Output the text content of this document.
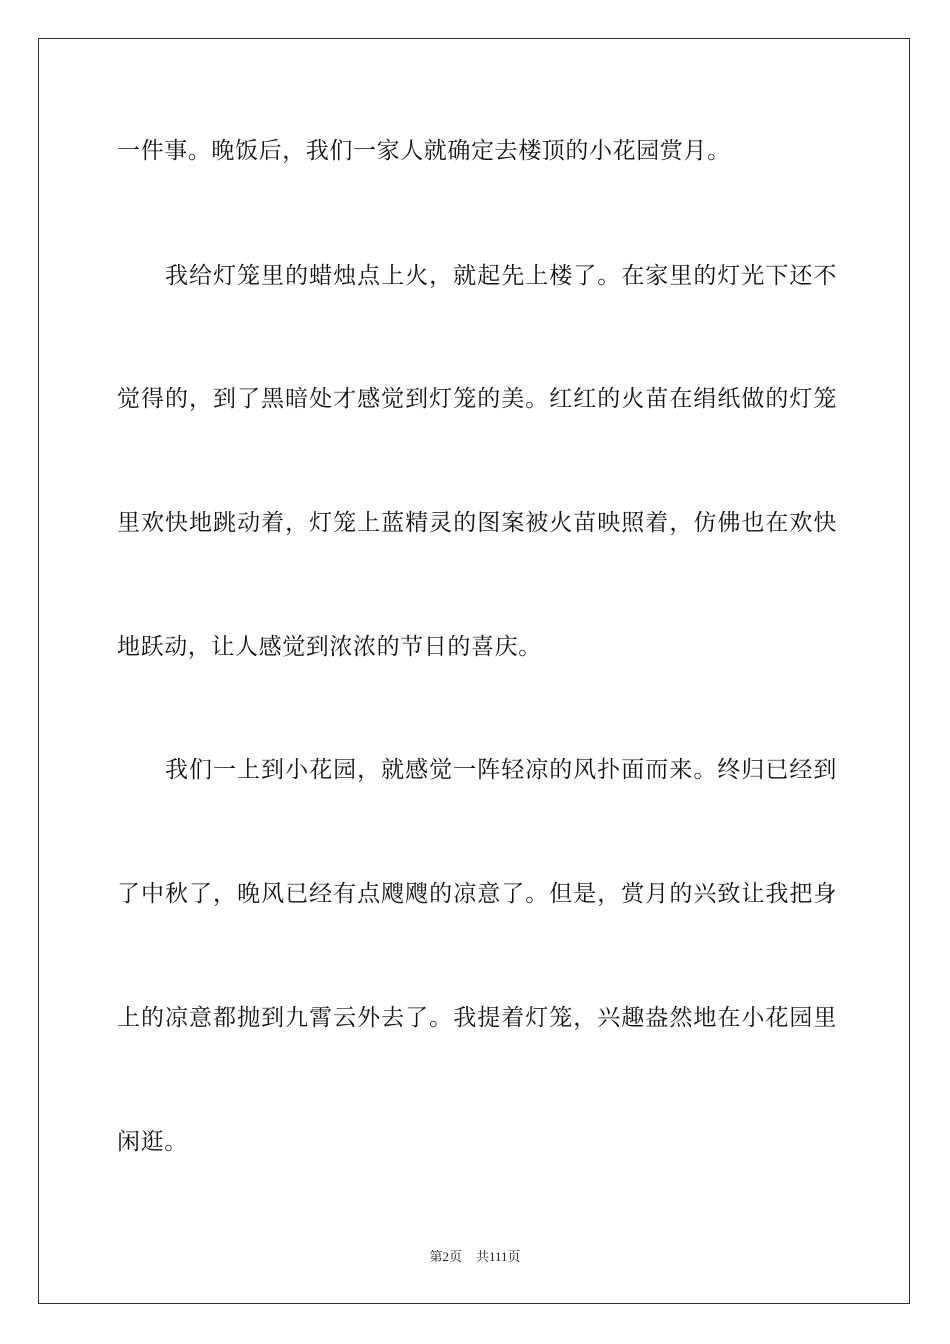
一件事。晚饭后，我们一家人就确定去楼顶的小花园赏月。
我给灯笼里的蜡烛点上火，就起先上楼了。在家里的灯光下还不
觉得的，到了黑暗处才感觉到灯笼的美。红红的火苗在绢纸做的灯笼
里欢快地跳动着，灯笼上蓝精灵的图案被火苗映照着，仿佛也在欢快
地跃动，让人感觉到浓浓的节日的喜庆。
我们一上到小花园，就感觉一阵轻凉的风扑面而来。终归已经到
了中秋了，晚风已经有点飕飕的凉意了。但是，赏月的兴致让我把身
上的凉意都抛到九霄云外去了。我提着灯笼，兴趣盎然地在小花园里
闲逛。
第2页 共111页
